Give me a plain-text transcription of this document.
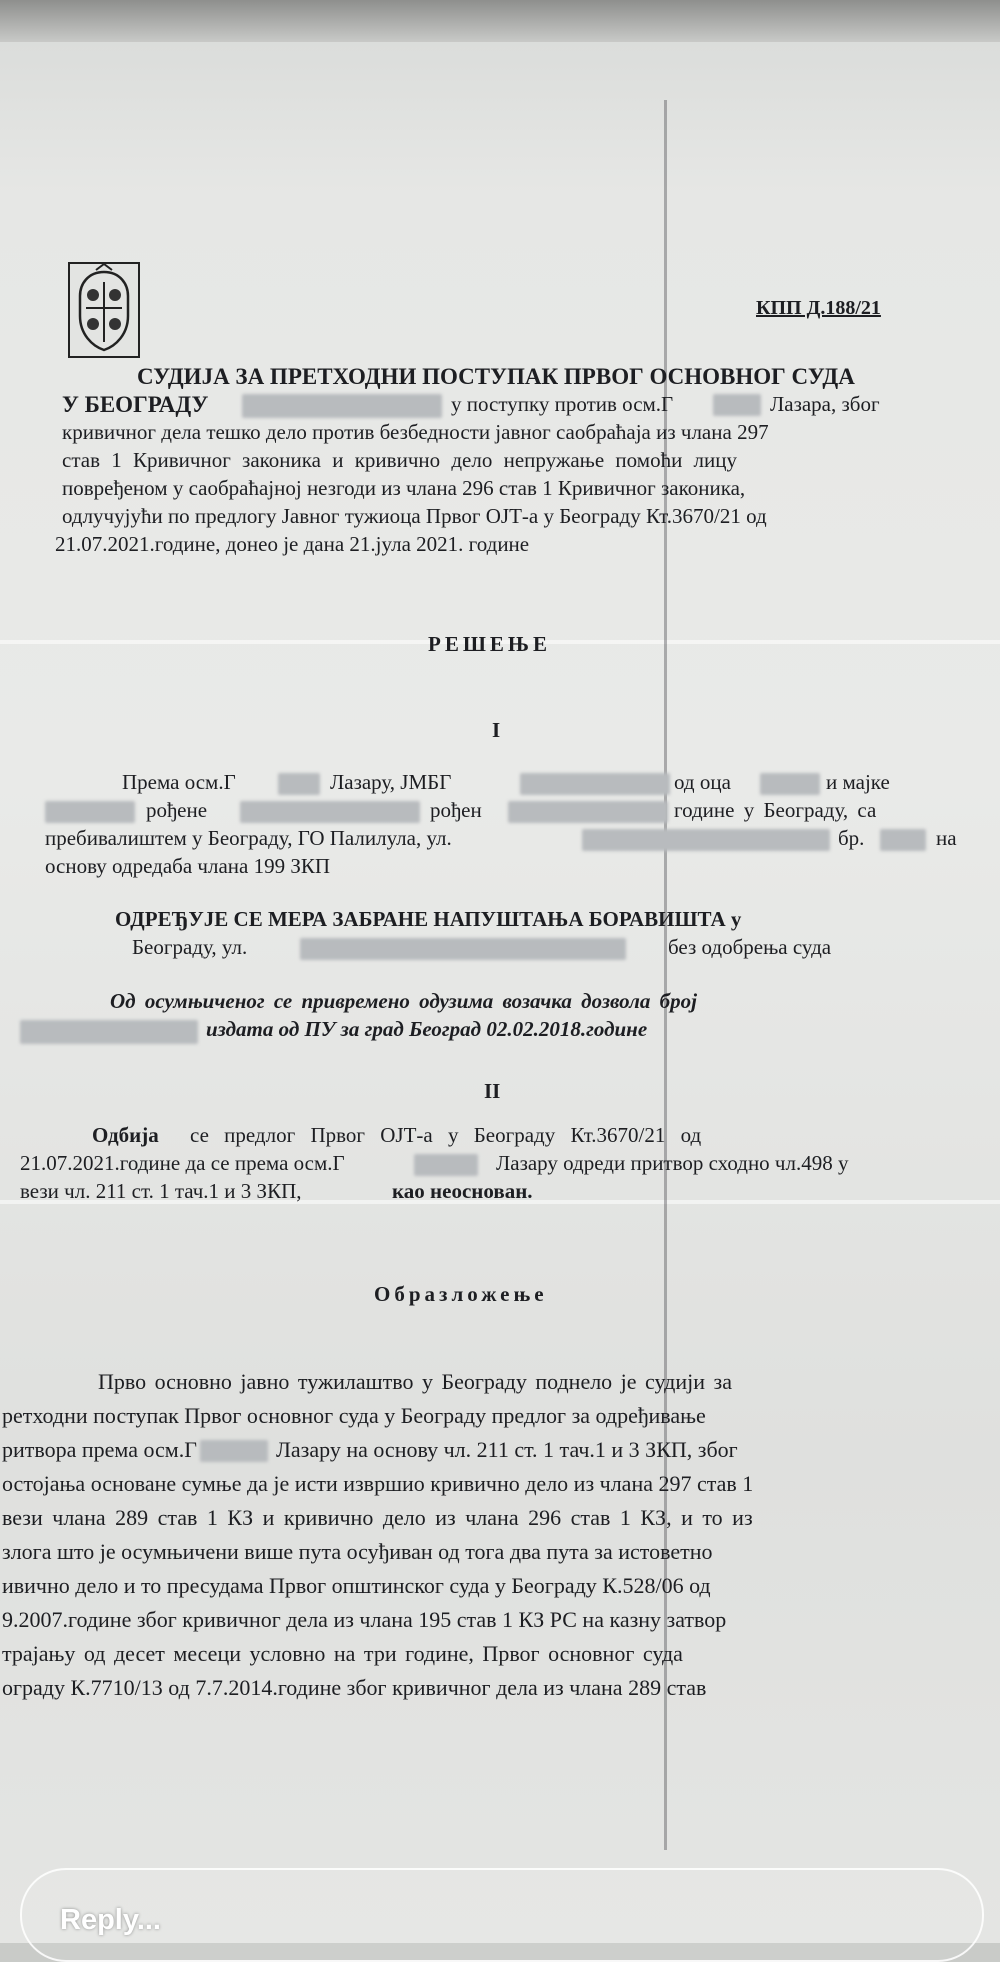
КПП Д.188/21
СУДИЈА ЗА ПРЕТХОДНИ ПОСТУПАК ПРВОГ ОСНОВНОГ СУДА
У БЕОГРАДУ	у поступку против осм.Г	Лазара, због
кривичног дела тешко дело против безбедности јавног саобраћаја из члана 297
став 1 Кривичног законика и кривично дело непружање помоћи лицу
повређеном у саобраћајној незгоди из члана 296 став 1 Кривичног законика,
одлучујући по предлогу Јавног тужиоца Првог ОЈТ-а у Београду Кт.3670/21 од
21.07.2021.године, донео је дана 21.јула 2021. године
РЕШЕЊЕ
I
Према осм.Г	Лазару, ЈМБГ	од оца	и мајке
рођене	рођен	године у Београду, са
пребивалиштем у Београду, ГО Палилула, ул.	бр.	на
основу одредаба члана 199 ЗКП
ОДРЕЂУЈЕ СЕ МЕРА ЗАБРАНЕ НАПУШТАЊА БОРАВИШТА у
Београду, ул.	без одобрења суда
Од осумњиченог се привремено одузима возачка дозвола број
издата од ПУ за град Београд 02.02.2018.године
II
Одбија се предлог Првог ОЈТ-а у Београду Кт.3670/21 од
21.07.2021.године да се према осм.Г	Лазару одреди притвор сходно чл.498 у
вези чл. 211 ст. 1 тач.1 и 3 ЗКП,	као неоснован.
Образложење
Прво основно јавно тужилаштво у Београду поднело је судији за
ретходни поступак Првог основног суда у Београду предлог за одређивање
ритвора према осм.Г	Лазару на основу чл. 211 ст. 1 тач.1 и 3 ЗКП, због
остојања основане сумње да је исти извршио кривично дело из члана 297 став 1
вези члана 289 став 1 КЗ и кривично дело из члана 296 став 1 КЗ, и то из
злога што је осумњичени више пута осуђиван од тога два пута за истоветно
ивично дело и то пресудама Првог општинског суда у Београду К.528/06 од
9.2007.године због кривичног дела из члана 195 став 1 КЗ РС на казну затвор
трајању од десет месеци условно на три године, Првог основног суда
ограду К.7710/13 од 7.7.2014.године због кривичног дела из члана 289 став
Reply...
